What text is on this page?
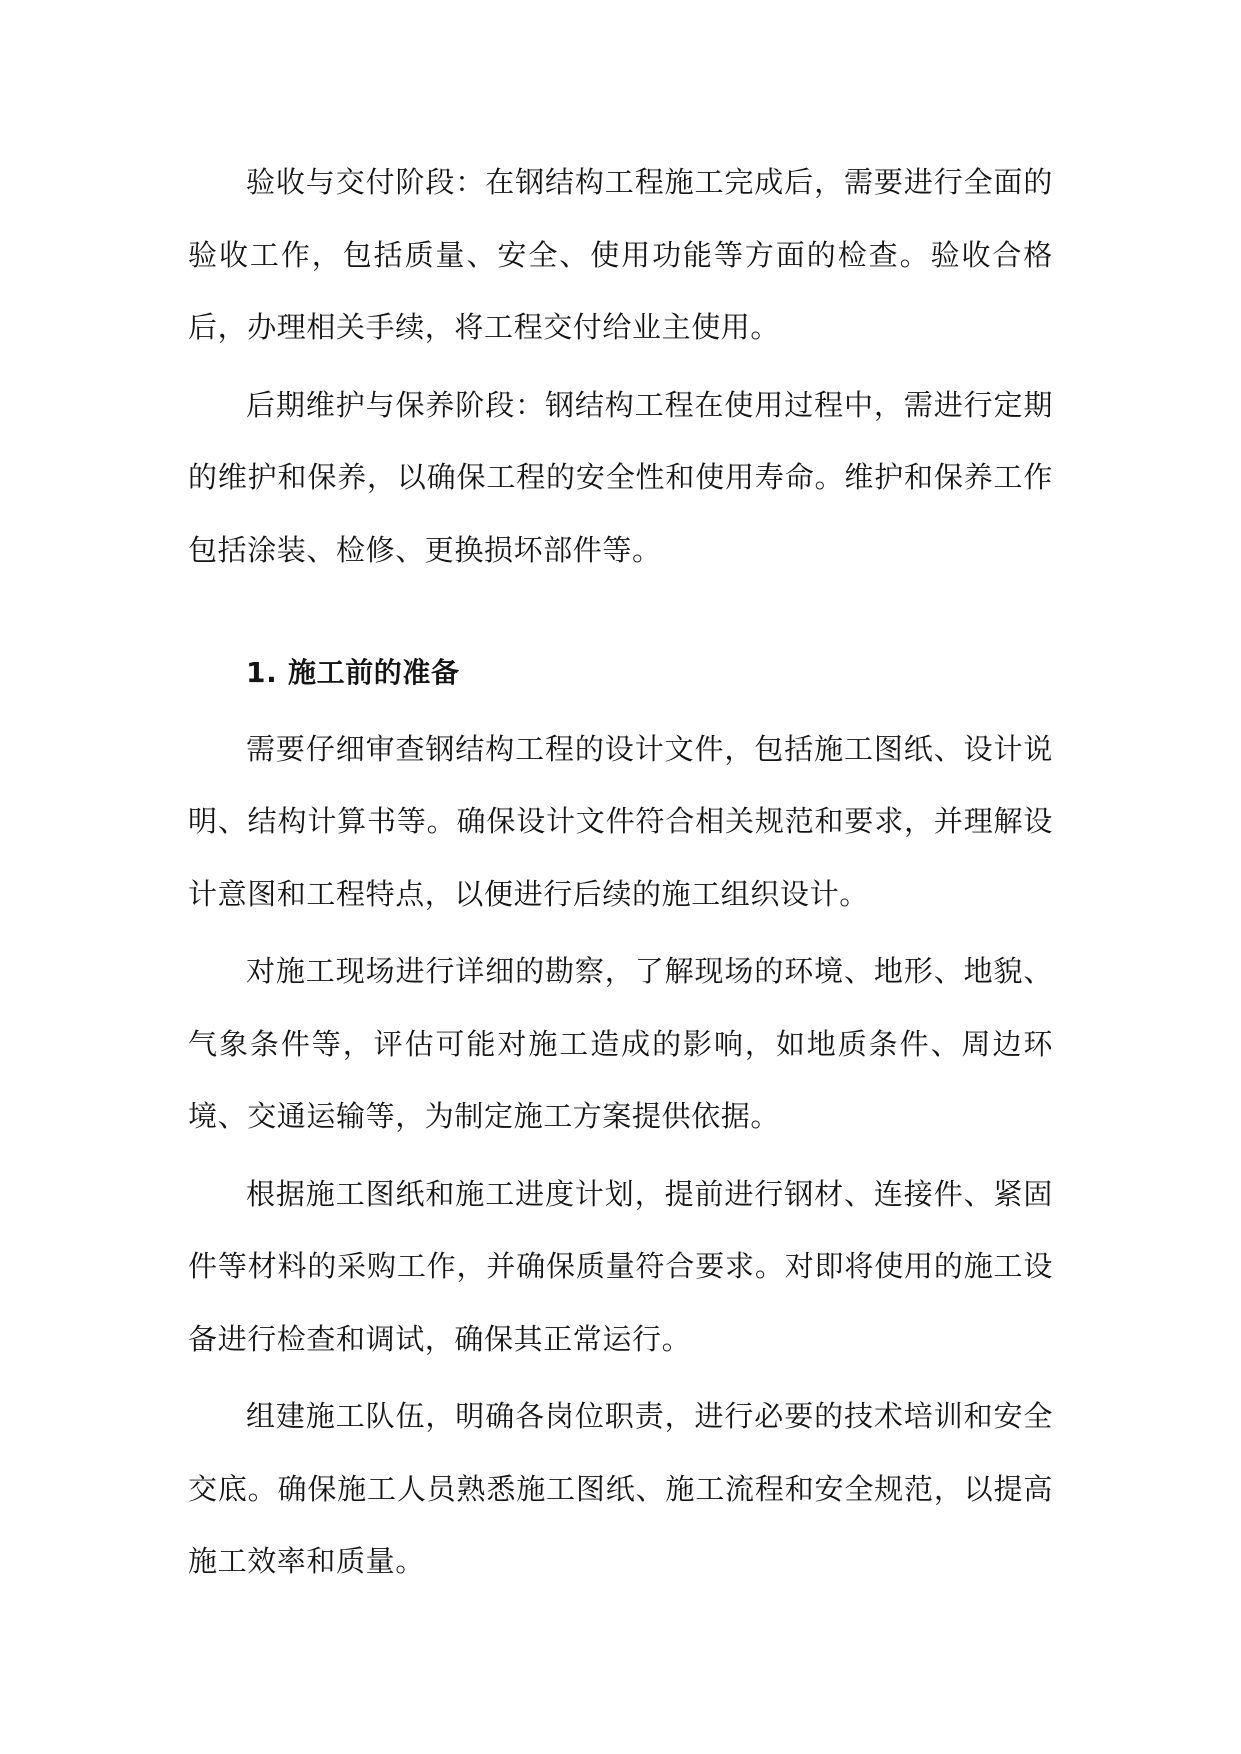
验收与交付阶段：在钢结构工程施工完成后，需要进行全面的验收工作，包括质量、安全、使用功能等方面的检查。验收合格后，办理相关手续，将工程交付给业主使用。

后期维护与保养阶段：钢结构工程在使用过程中，需进行定期的维护和保养，以确保工程的安全性和使用寿命。维护和保养工作包括涂装、检修、更换损坏部件等。

1. 施工前的准备

需要仔细审查钢结构工程的设计文件，包括施工图纸、设计说明、结构计算书等。确保设计文件符合相关规范和要求，并理解设计意图和工程特点，以便进行后续的施工组织设计。

对施工现场进行详细的勘察，了解现场的环境、地形、地貌、气象条件等，评估可能对施工造成的影响，如地质条件、周边环境、交通运输等，为制定施工方案提供依据。

根据施工图纸和施工进度计划，提前进行钢材、连接件、紧固件等材料的采购工作，并确保质量符合要求。对即将使用的施工设备进行检查和调试，确保其正常运行。

组建施工队伍，明确各岗位职责，进行必要的技术培训和安全交底。确保施工人员熟悉施工图纸、施工流程和安全规范，以提高施工效率和质量。
